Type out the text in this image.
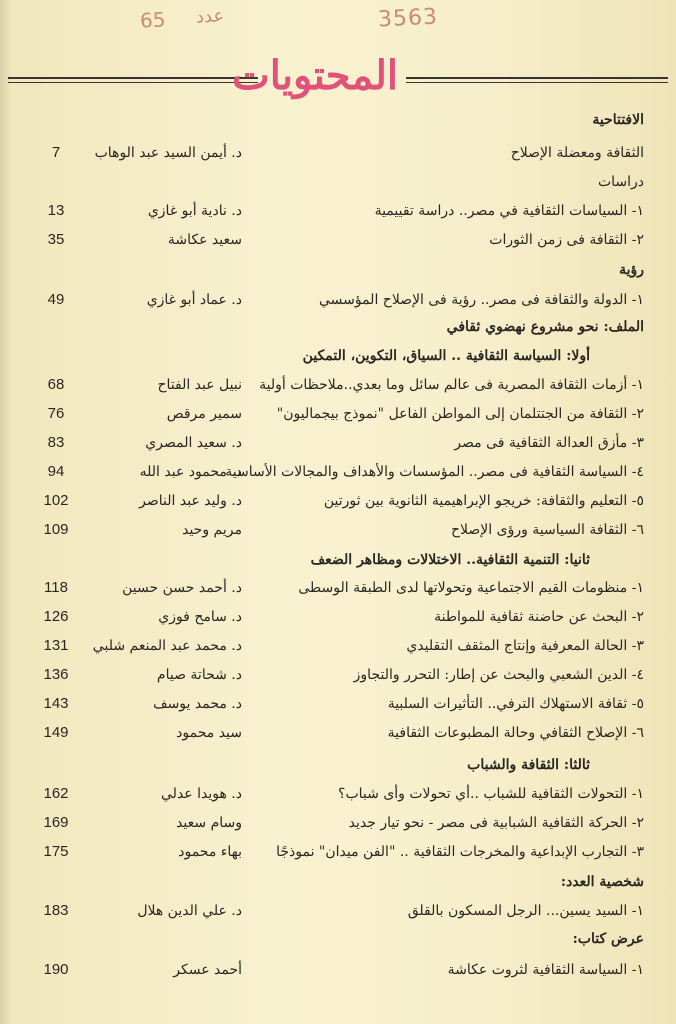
3563
65 عدد
المحتويات
الافتتاحية
الثقافة ومعضلة الإصلاح
د. أيمن السيد عبد الوهاب
7
دراسات
١- السياسات الثقافية في مصر.. دراسة تقييمية
د. نادية أبو غازي
13
٢- الثقافة فى زمن الثورات
سعيد عكاشة
35
رؤية
١- الدولة والثقافة فى مصر.. رؤية فى الإصلاح المؤسسي
د. عماد أبو غازي
49
الملف: نحو مشروع نهضوي ثقافي
أولا: السياسة الثقافية .. السياق، التكوين، التمكين
١- أزمات الثقافة المصرية فى عالم سائل وما بعدي..ملاحظات أولية
نبيل عبد الفتاح
68
٢- الثقافة من الجتتلمان إلى المواطن الفاعل "نموذج بيجماليون"
سمير مرقص
76
٣- مأزق العدالة الثقافية فى مصر
د. سعيد المصري
83
٤- السياسة الثقافية فى مصر.. المؤسسات والأهداف والمجالات الأساسية
د. محمود عبد الله
94
٥- التعليم والثقافة: خريجو الإبراهيمية الثانوية بين ثورتين
د. وليد عبد الناصر
102
٦- الثقافة السياسية ورؤى الإصلاح
مريم وحيد
109
ثانيا: التنمية الثقافية.. الاختلالات ومظاهر الضعف
١- منظومات القيم الاجتماعية وتحولاتها لدى الطبقة الوسطى
د. أحمد حسن حسين
118
٢- البحث عن حاضنة ثقافية للمواطنة
د. سامح فوزي
126
٣- الحالة المعرفية وإنتاج المثقف التقليدي
د. محمد عبد المنعم شلبي
131
٤- الدين الشعبي والبحث عن إطار: التحرر والتجاوز
د. شحاتة صيام
136
٥- ثقافة الاستهلاك الترفي.. التأثيرات السلبية
د. محمد يوسف
143
٦- الإصلاح الثقافي وحالة المطبوعات الثقافية
سيد محمود
149
ثالثا: الثقافة والشباب
١- التحولات الثقافية للشباب ..أي تحولات وأى شباب؟
د. هويدا عدلي
162
٢- الحركة الثقافية الشبابية فى مصر - نحو تيار جديد
وسام سعيد
169
٣- التجارب الإبداعية والمخرجات الثقافية .. "الفن ميدان" نموذجًا
بهاء محمود
175
شخصية العدد:
١- السيد يسين... الرجل المسكون بالقلق
د. علي الدين هلال
183
عرض كتاب:
١- السياسة الثقافية لثروت عكاشة
أحمد عسكر
190
